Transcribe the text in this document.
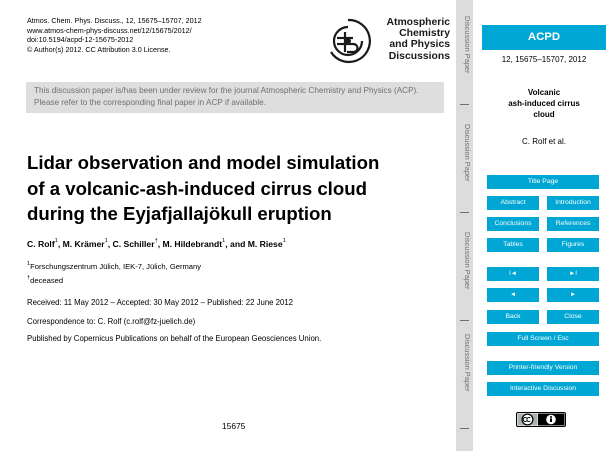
Atmos. Chem. Phys. Discuss., 12, 15675–15707, 2012
www.atmos-chem-phys-discuss.net/12/15675/2012/
doi:10.5194/acpd-12-15675-2012
© Author(s) 2012. CC Attribution 3.0 License.
Atmospheric
Chemistry
and Physics
Discussions
This discussion paper is/has been under review for the journal Atmospheric Chemistry and Physics (ACP). Please refer to the corresponding final paper in ACP if available.
Lidar observation and model simulation
of a volcanic-ash-induced cirrus cloud
during the Eyjafjallajökull eruption
C. Rolf$^1$, M. Krämer$^1$, C. Schiller†, M. Hildebrandt$^1$, and M. Riese$^1$
$^1$Forschungszentrum Jülich, IEK-7, Jülich, Germany
†deceased
Received: 11 May 2012 – Accepted: 30 May 2012 – Published: 22 June 2012
Correspondence to: C. Rolf (c.rolf@fz-juelich.de)
Published by Copernicus Publications on behalf of the European Geosciences Union.
15675
Discussion Paper
Discussion Paper
Discussion Paper
Discussion Paper
ACPD
12, 15675–15707, 2012
Volcanic
ash-induced cirrus
cloud
C. Rolf et al.
Title Page
Abstract	Introduction
Conclusions	References
Tables	Figures
I◄	►I
◄	►
Back	Close
Full Screen / Esc
Printer-friendly Version
Interactive Discussion
